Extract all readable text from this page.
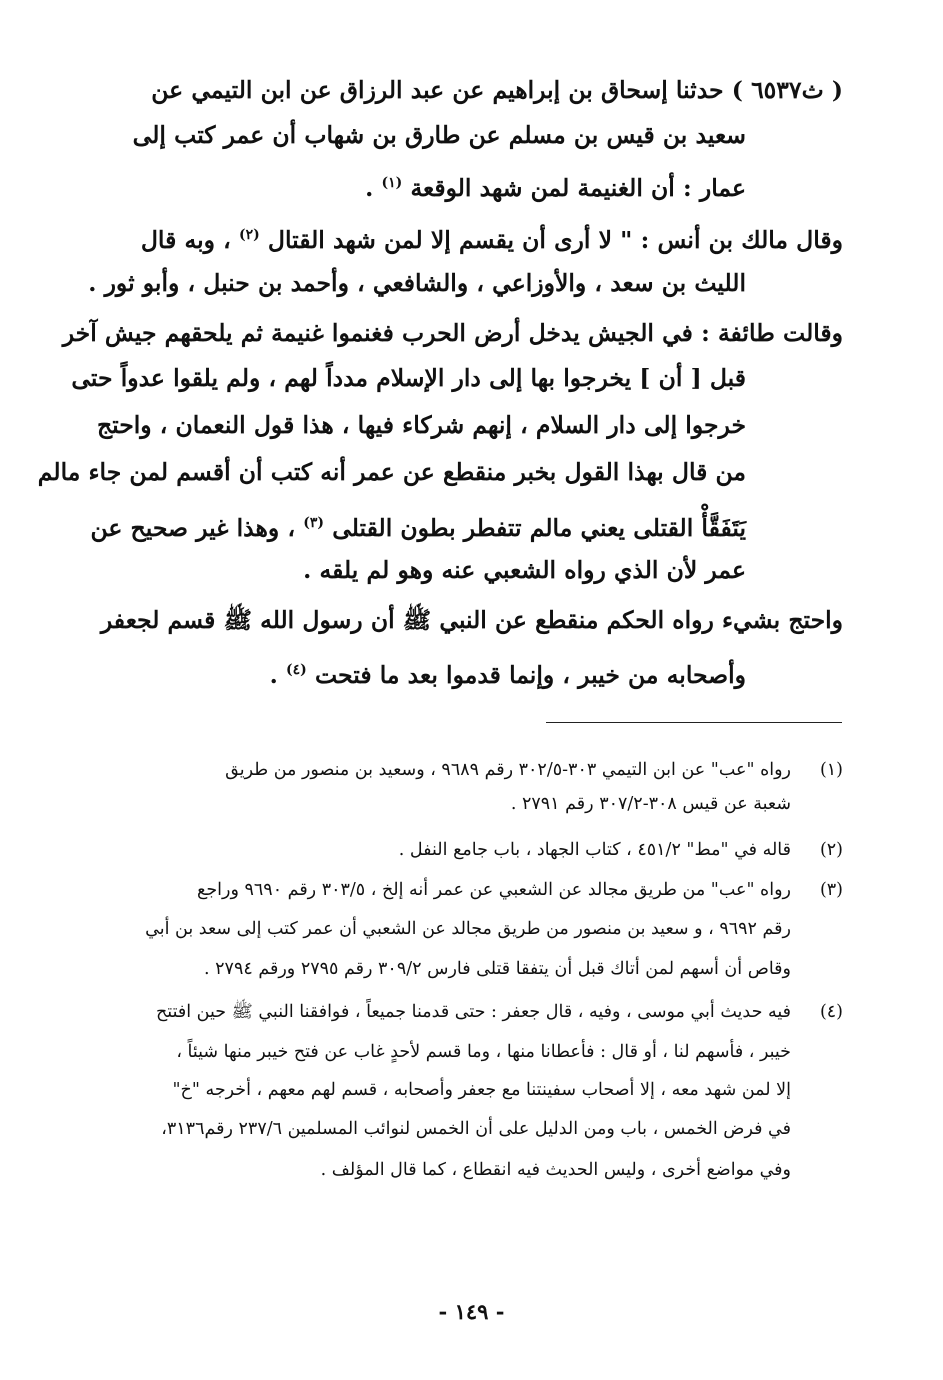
( ث٦٥٣٧ ) حدثنا إسحاق بن إبراهيم عن عبد الرزاق عن ابن التيمي عن
سعيد بن قيس بن مسلم عن طارق بن شهاب أن عمر كتب إلى
عمار : أن الغنيمة لمن شهد الوقعة $^{(١)}$ .
وقال مالك بن أنس : " لا أرى أن يقسم إلا لمن شهد القتال $^{(٢)}$ ، وبه قال
الليث بن سعد ، والأوزاعي ، والشافعي ، وأحمد بن حنبل ، وأبو ثور .
وقالت طائفة : في الجيش يدخل أرض الحرب فغنموا غنيمة ثم يلحقهم جيش آخر
قبل [ أن ] يخرجوا بها إلى دار الإسلام مدداً لهم ، ولم يلقوا عدواً حتى
خرجوا إلى دار السلام ، إنهم شركاء فيها ، هذا قول النعمان ، واحتج
من قال بهذا القول بخبر منقطع عن عمر أنه كتب أن أقسم لمن جاء مالم
يَتَفَقَّأْ القتلى يعني مالم تتفطر بطون القتلى $^{(٣)}$ ، وهذا غير صحيح عن
عمر لأن الذي رواه الشعبي عنه وهو لم يلقه .
واحتج بشيء رواه الحكم منقطع عن النبي ﷺ أن رسول الله ﷺ قسم لجعفر
وأصحابه من خيبر ، وإنما قدموا بعد ما فتحت $^{(٤)}$ .
(١)رواه "عب" عن ابن التيمي ٣٠٣-٣٠٢/٥ رقم ٩٦٨٩ ، وسعيد بن منصور من طريق
شعبة عن قيس ٣٠٨-٣٠٧/٢ رقم ٢٧٩١ .
(٢)قاله في "مط" ٤٥١/٢ ، كتاب الجهاد ، باب جامع النفل .
(٣)رواه "عب" من طريق مجالد عن الشعبي عن عمر أنه إلخ ، ٣٠٣/٥ رقم ٩٦٩٠ وراجع
رقم ٩٦٩٢ ، و سعيد بن منصور من طريق مجالد عن الشعبي أن عمر كتب إلى سعد بن أبي
وقاص أن أسهم لمن أتاك قبل أن يتفقا قتلى فارس ٣٠٩/٢ رقم ٢٧٩٥ ورقم ٢٧٩٤ .
(٤)فيه حديث أبي موسى ، وفيه ، قال جعفر : حتى قدمنا جميعاً ، فوافقنا النبي ﷺ حين افتتح
خيبر ، فأسهم لنا ، أو قال : فأعطانا منها ، وما قسم لأحدٍ غاب عن فتح خيبر منها شيئاً ،
إلا لمن شهد معه ، إلا أصحاب سفينتنا مع جعفر وأصحابه ، قسم لهم معهم ، أخرجه "خ"
في فرض الخمس ، باب ومن الدليل على أن الخمس لنوائب المسلمين ٢٣٧/٦ رقم٣١٣٦،
وفي مواضع أخرى ، وليس الحديث فيه انقطاع ، كما قال المؤلف .
- ١٤٩ -
